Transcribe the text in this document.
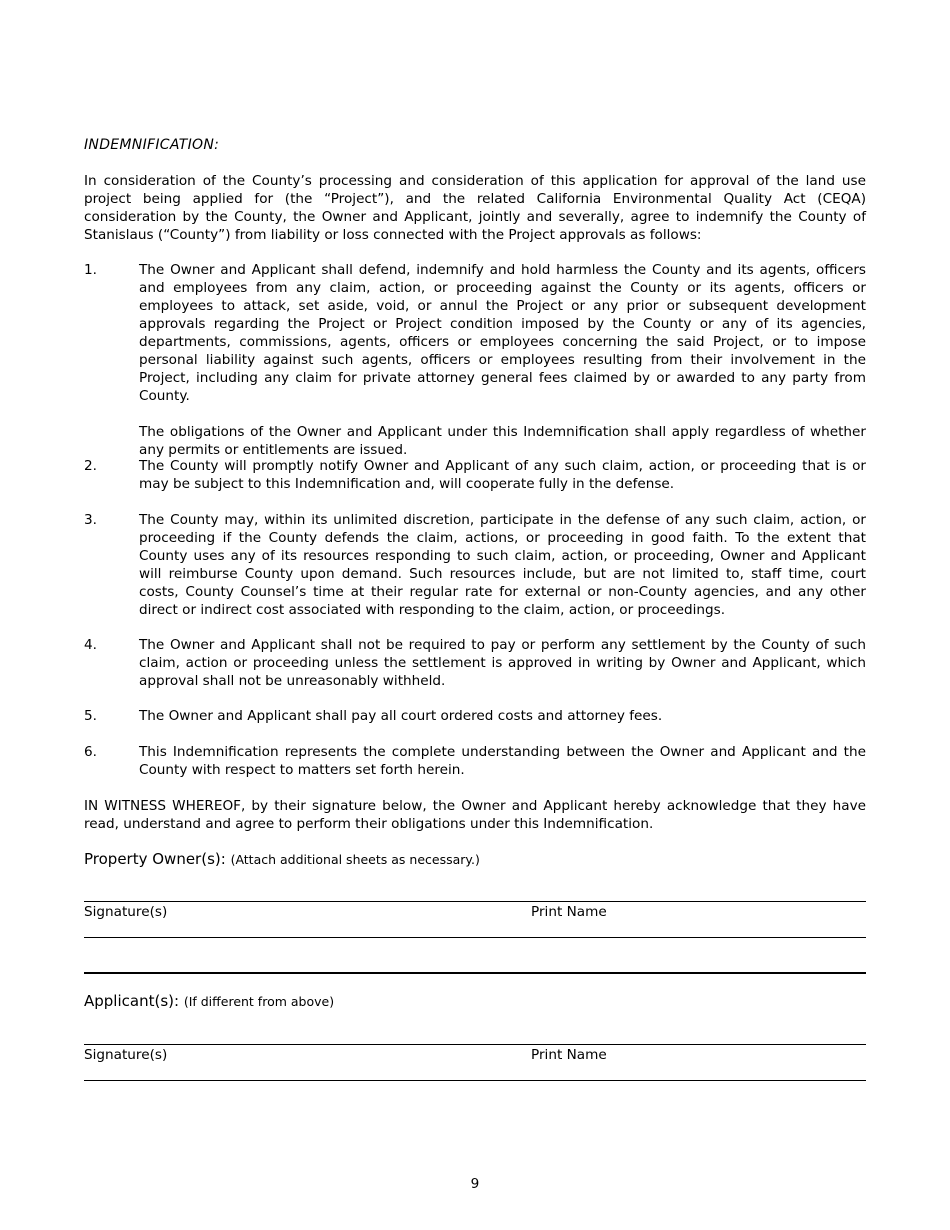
INDEMNIFICATION:
In consideration of the County’s processing and consideration of this application for approval of the land use project being applied for (the “Project”), and the related California Environmental Quality Act (CEQA) consideration by the County, the Owner and Applicant, jointly and severally, agree to indemnify the County of Stanislaus (“County”) from liability or loss connected with the Project approvals as follows:
1.	The Owner and Applicant shall defend, indemnify and hold harmless the County and its agents, officers and employees from any claim, action, or proceeding against the County or its agents, officers or employees to attack, set aside, void, or annul the Project or any prior or subsequent development approvals regarding the Project or Project condition imposed by the County or any of its agencies, departments, commissions, agents, officers or employees concerning the said Project, or to impose personal liability against such agents, officers or employees resulting from their involvement in the Project, including any claim for private attorney general fees claimed by or awarded to any party from County.

The obligations of the Owner and Applicant under this Indemnification shall apply regardless of whether any permits or entitlements are issued.

2.	The County will promptly notify Owner and Applicant of any such claim, action, or proceeding that is or may be subject to this Indemnification and, will cooperate fully in the defense.

3.	The County may, within its unlimited discretion, participate in the defense of any such claim, action, or proceeding if the County defends the claim, actions, or proceeding in good faith. To the extent that County uses any of its resources responding to such claim, action, or proceeding, Owner and Applicant will reimburse County upon demand. Such resources include, but are not limited to, staff time, court costs, County Counsel’s time at their regular rate for external or non-County agencies, and any other direct or indirect cost associated with responding to the claim, action, or proceedings.

4.	The Owner and Applicant shall not be required to pay or perform any settlement by the County of such claim, action or proceeding unless the settlement is approved in writing by Owner and Applicant, which approval shall not be unreasonably withheld.

5.	The Owner and Applicant shall pay all court ordered costs and attorney fees.

6.	This Indemnification represents the complete understanding between the Owner and Applicant and the County with respect to matters set forth herein.

IN WITNESS WHEREOF, by their signature below, the Owner and Applicant hereby acknowledge that they have read, understand and agree to perform their obligations under this Indemnification.
Property Owner(s): (Attach additional sheets as necessary.)
Signature(s)	Print Name
Applicant(s): (If different from above)
Signature(s)	Print Name
9
